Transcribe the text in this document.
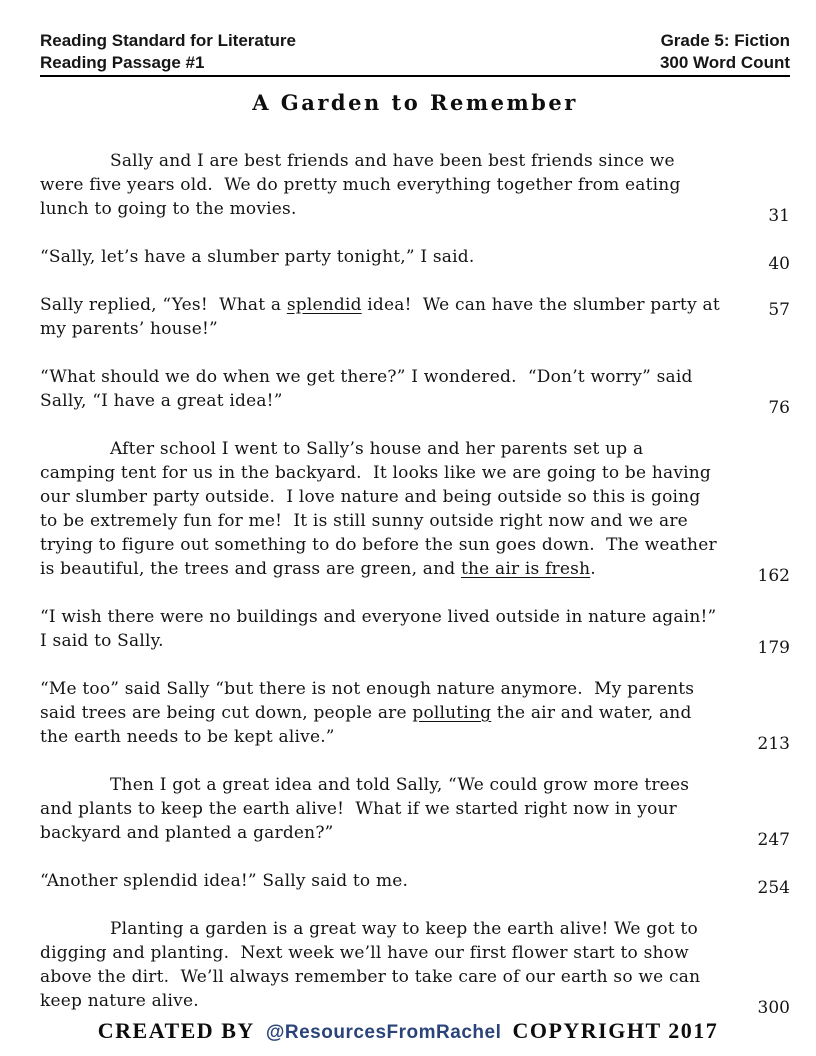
Reading Standard for Literature
Reading Passage #1
Grade 5: Fiction
300 Word Count
A Garden to Remember
Sally and I are best friends and have been best friends since we were five years old.  We do pretty much everything together from eating lunch to going to the movies.	31
“Sally, let’s have a slumber party tonight,” I said.	40
Sally replied, “Yes!  What a splendid idea!  We can have the slumber party at my parents’ house!”
57
“What should we do when we get there?” I wondered.  “Don’t worry” said Sally, “I have a great idea!”	76
After school I went to Sally’s house and her parents set up a camping tent for us in the backyard.  It looks like we are going to be having our slumber party outside.  I love nature and being outside so this is going to be extremely fun for me!  It is still sunny outside right now and we are trying to figure out something to do before the sun goes down.  The weather is beautiful, the trees and grass are green, and the air is fresh.	162
“I wish there were no buildings and everyone lived outside in nature again!” I said to Sally.	179
“Me too” said Sally “but there is not enough nature anymore.  My parents said trees are being cut down, people are polluting the air and water, and the earth needs to be kept alive.”	213
Then I got a great idea and told Sally, “We could grow more trees and plants to keep the earth alive!  What if we started right now in your backyard and planted a garden?”	247
“Another splendid idea!” Sally said to me.	254
Planting a garden is a great way to keep the earth alive! We got to digging and planting.  Next week we’ll have our first flower start to show above the dirt.  We’ll always remember to take care of our earth so we can keep nature alive.	300
CREATED BY @ResourcesFromRachel COPYRIGHT 2017
